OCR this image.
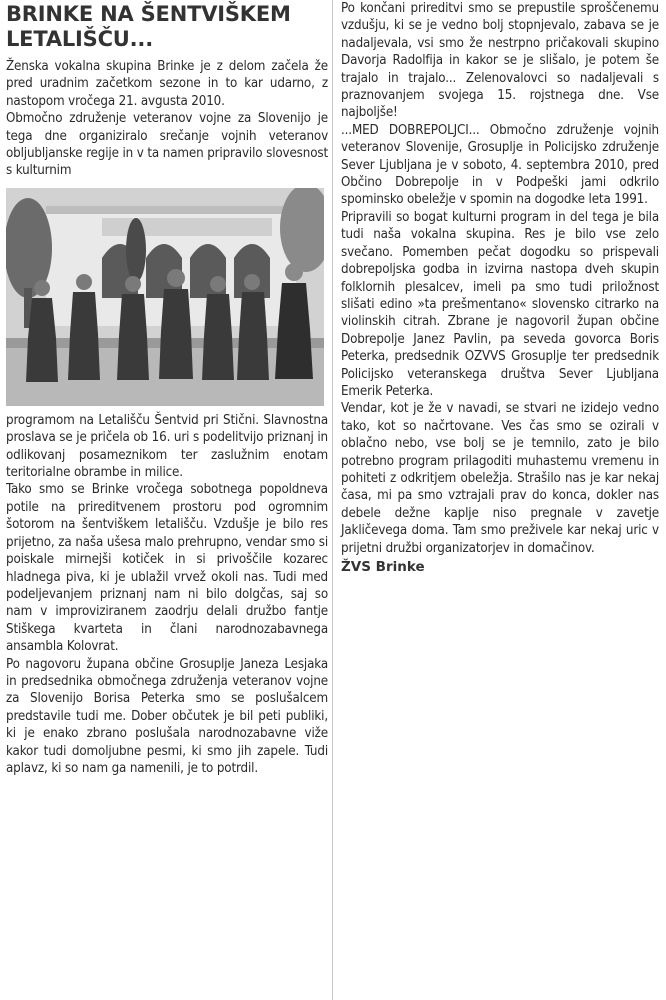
BRINKE NA ŠENTVIŠKEM
LETALIŠČU...

Ženska vokalna skupina Brinke je z delom začela že pred uradnim začetkom sezone in to kar udarno, z nastopom vročega 21. avgusta 2010.

Območno združenje veteranov vojne za Slovenijo je tega dne organiziralo srečanje vojnih veteranov obljubljanske regije in v ta namen pripravilo slovesnost s kulturnim

programom na Letališču Šentvid pri Stični. Slavnostna proslava se je pričela ob 16. uri s podelitvijo priznanj in odlikovanj posameznikom ter zaslužnim enotam teritorialne obrambe in milice.

Tako smo se Brinke vročega sobotnega popoldneva potile na prireditvenem prostoru pod ogromnim šotorom na šentviškem letališču. Vzdušje je bilo res prijetno, za naša ušesa malo prehrupno, vendar smo si poiskale mirnejši kotiček in si privoščile kozarec hladnega piva, ki je ublažil vrvež okoli nas. Tudi med podeljevanjem priznanj nam ni bilo dolgčas, saj so nam v improviziranem zaodrju delali družbo fantje Stiškega kvarteta in člani narodnozabavnega ansambla Kolovrat.

Po nagovoru župana občine Grosuplje Janeza Lesjaka in predsednika območnega združenja veteranov vojne za Slovenijo Borisa Peterka smo se poslušalcem predstavile tudi me. Dober občutek je bil peti publiki, ki je enako zbrano poslušala narodnozabavne viže kakor tudi domoljubne pesmi, ki smo jih zapele. Tudi aplavz, ki so nam ga namenili, je to potrdil.

Po končani prireditvi smo se prepustile sproščenemu vzdušju, ki se je vedno bolj stopnjevalo, zabava se je nadaljevala, vsi smo že nestrpno pričakovali skupino Davorja Radolfija in kakor se je slišalo, je potem še trajalo in trajalo... Zelenovalovci so nadaljevali s praznovanjem svojega 15. rojstnega dne. Vse najboljše!

...MED DOBREPOLJCI... Območno združenje vojnih veteranov Slovenije, Grosuplje in Policijsko združenje Sever Ljubljana je v soboto, 4. septembra 2010, pred Občino Dobrepolje in v Podpeški jami odkrilo spominsko obeležje v spomin na dogodke leta 1991.

Pripravili so bogat kulturni program in del tega je bila tudi naša vokalna skupina. Res je bilo vse zelo svečano. Pomemben pečat dogodku so prispevali dobrepoljska godba in izvirna nastopa dveh skupin folklornih plesalcev, imeli pa smo tudi priložnost slišati edino »ta prešmentano« slovensko citrarko na violinskih citrah. Zbrane je nagovoril župan občine Dobrepolje Janez Pavlin, pa seveda govorca Boris Peterka, predsednik OZVVS Grosuplje ter predsednik Policijsko veteranskega društva Sever Ljubljana Emerik Peterka.

Vendar, kot je že v navadi, se stvari ne izidejo vedno tako, kot so načrtovane. Ves čas smo se ozirali v oblačno nebo, vse bolj se je temnilo, zato je bilo potrebno program prilagoditi muhastemu vremenu in pohiteti z odkritjem obeležja. Strašilo nas je kar nekaj časa, mi pa smo vztrajali prav do konca, dokler nas debele dežne kaplje niso pregnale v zavetje Jakličevega doma. Tam smo preživele kar nekaj uric v prijetni družbi organizatorjev in domačinov.

ŽVS Brinke
